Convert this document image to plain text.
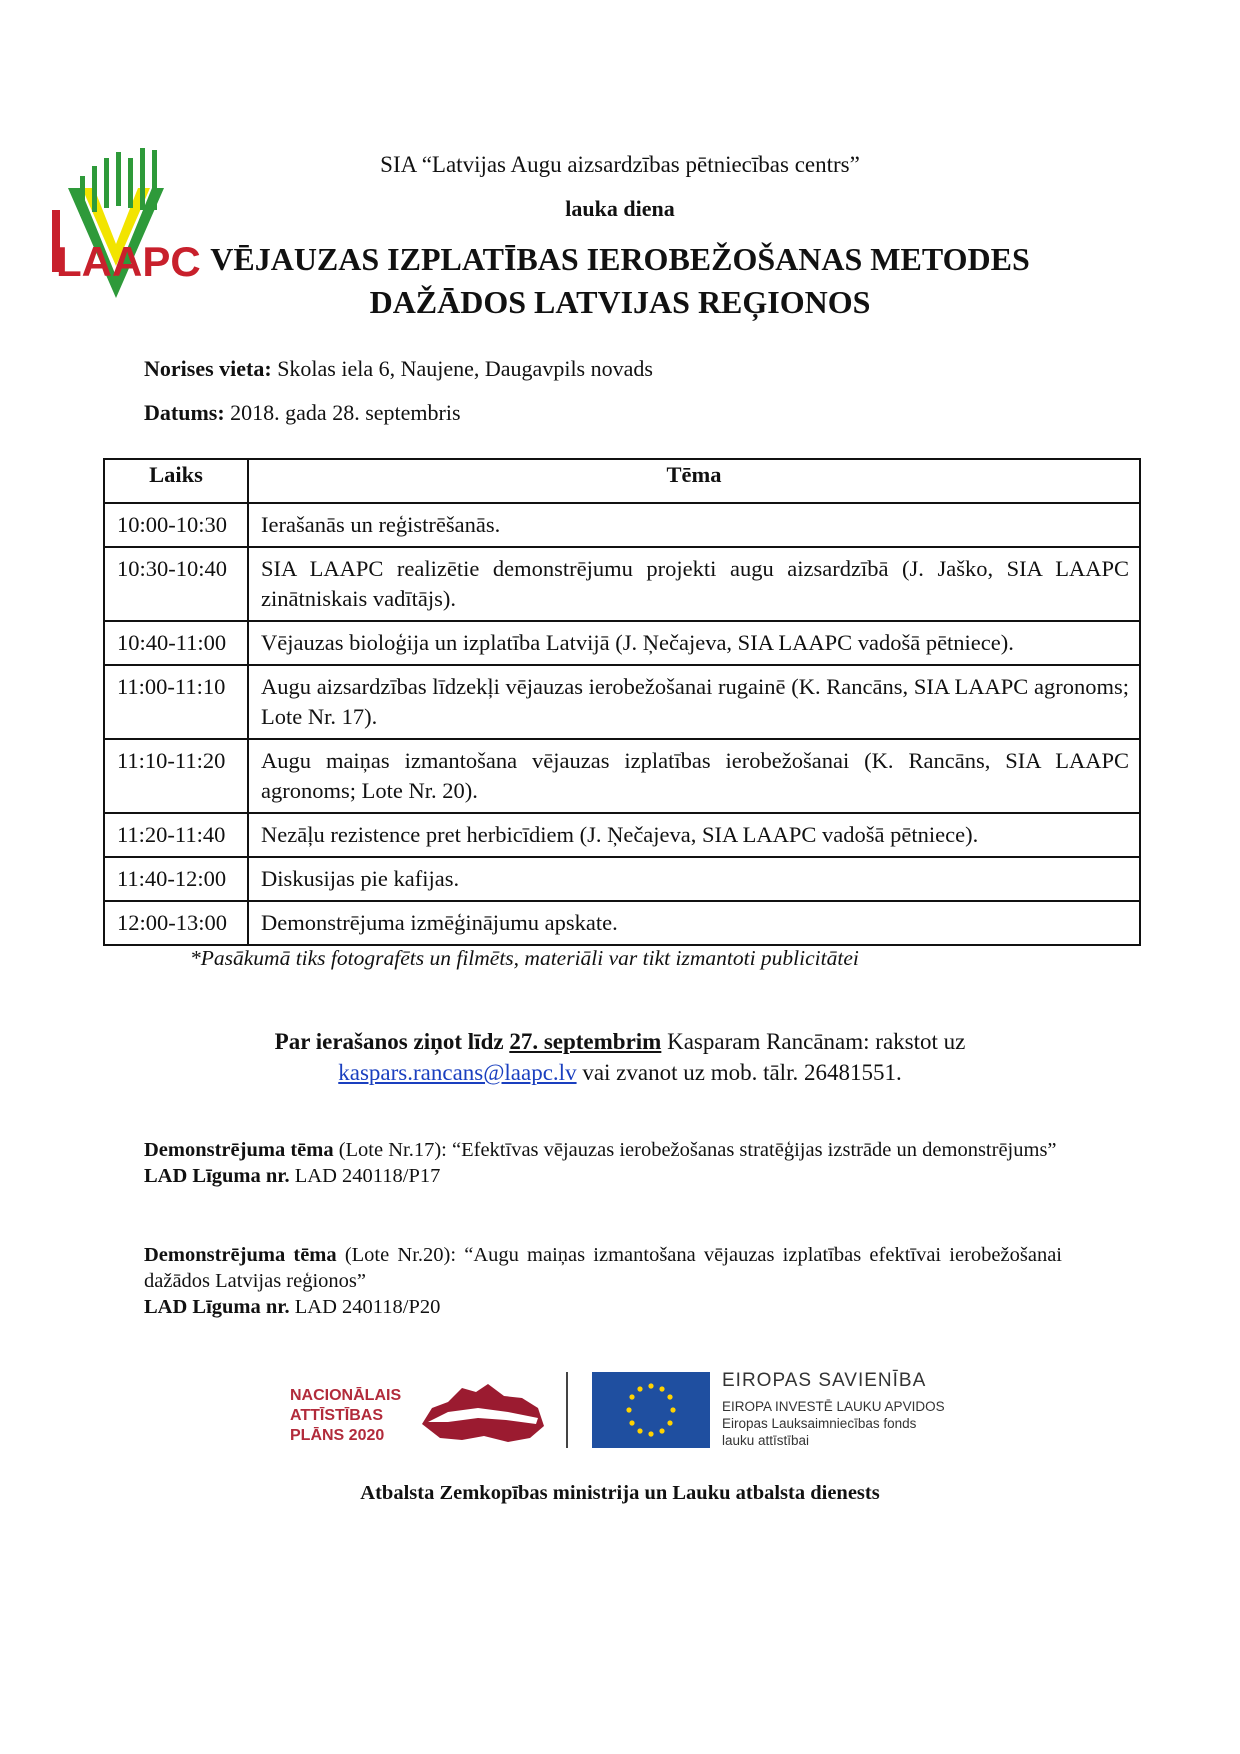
LAAPC
SIA “Latvijas Augu aizsardzības pētniecības centrs”
lauka diena
VĒJAUZAS IZPLATĪBAS IEROBEŽOŠANAS METODES
DAŽĀDOS LATVIJAS REĢIONOS
Norises vieta: Skolas iela 6, Naujene, Daugavpils novads
Datums: 2018. gada 28. septembris
Laiks	Tēma
10:00-10:30	Ierašanās un reģistrēšanās.
10:30-10:40	SIA LAAPC realizētie demonstrējumu projekti augu aizsardzībā (J. Jaško, SIA LAAPC zinātniskais vadītājs).
10:40-11:00	Vējauzas bioloģija un izplatība Latvijā (J. Ņečajeva, SIA LAAPC vadošā pētniece).
11:00-11:10	Augu aizsardzības līdzekļi vējauzas ierobežošanai rugainē (K. Rancāns, SIA LAAPC agronoms; Lote Nr. 17).
11:10-11:20	Augu maiņas izmantošana vējauzas izplatības ierobežošanai (K. Rancāns, SIA LAAPC agronoms; Lote Nr. 20).
11:20-11:40	Nezāļu rezistence pret herbicīdiem (J. Ņečajeva, SIA LAAPC vadošā pētniece).
11:40-12:00	Diskusijas pie kafijas.
12:00-13:00	Demonstrējuma izmēģinājumu apskate.
*Pasākumā tiks fotografēts un filmēts, materiāli var tikt izmantoti publicitātei
Par ierašanos ziņot līdz 27. septembrim Kasparam Rancānam: rakstot uz
kaspars.rancans@laapc.lv vai zvanot uz mob. tālr. 26481551.
Demonstrējuma tēma (Lote Nr.17): “Efektīvas vējauzas ierobežošanas stratēģijas izstrāde un demonstrējums”
LAD Līguma nr. LAD 240118/P17
Demonstrējuma tēma (Lote Nr.20): “Augu maiņas izmantošana vējauzas izplatības efektīvai ierobežošanai dažādos Latvijas reģionos”
LAD Līguma nr. LAD 240118/P20
NACIONĀLAIS
ATTĪSTĪBAS
PLĀNS 2020
EIROPAS SAVIENĪBA
EIROPA INVESTĒ LAUKU APVIDOS
Eiropas Lauksaimniecības fonds
lauku attīstībai
Atbalsta Zemkopības ministrija un Lauku atbalsta dienests
